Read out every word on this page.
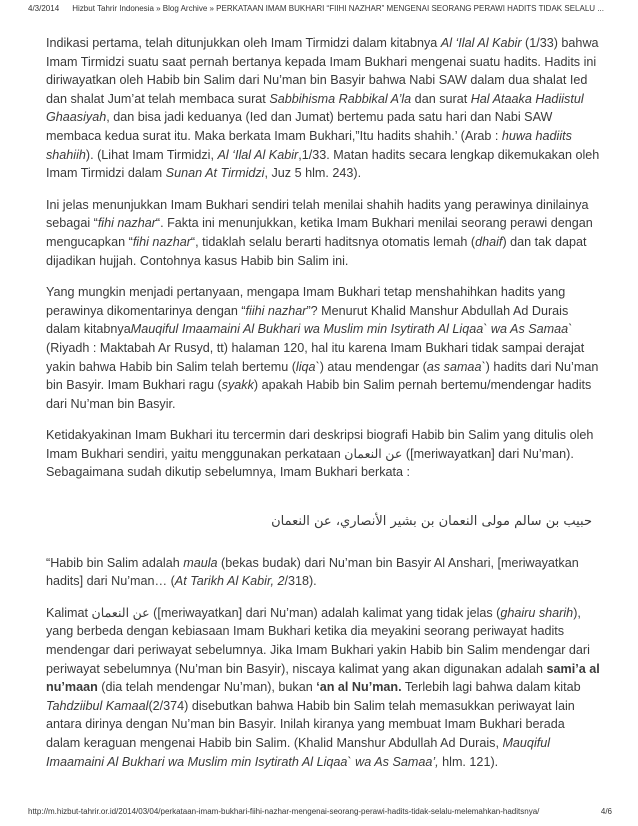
4/3/2014 Hizbut Tahrir Indonesia » Blog Archive » PERKATAAN IMAM BUKHARI “FIIHI NAZHAR” MENGENAI SEORANG PERAWI HADITS TIDAK SELALU ...

Indikasi pertama, telah ditunjukkan oleh Imam Tirmidzi dalam kitabnya Al ‘Ilal Al Kabir (1/33) bahwa Imam Tirmidzi suatu saat pernah bertanya kepada Imam Bukhari mengenai suatu hadits. Hadits ini diriwayatkan oleh Habib bin Salim dari Nu’man bin Basyir bahwa Nabi SAW dalam dua shalat Ied dan shalat Jum’at telah membaca surat Sabbihisma Rabbikal A’la dan surat Hal Ataaka Hadiistul Ghaasiyah, dan bisa jadi keduanya (Ied dan Jumat) bertemu pada satu hari dan Nabi SAW membaca kedua surat itu. Maka berkata Imam Bukhari,”Itu hadits shahih.’ (Arab : huwa hadiits shahiih). (Lihat Imam Tirmidzi, Al ‘Ilal Al Kabir,1/33. Matan hadits secara lengkap dikemukakan oleh Imam Tirmidzi dalam Sunan At Tirmidzi, Juz 5 hlm. 243).

Ini jelas menunjukkan Imam Bukhari sendiri telah menilai shahih hadits yang perawinya dinilainya sebagai “fihi nazhar“. Fakta ini menunjukkan, ketika Imam Bukhari menilai seorang perawi dengan mengucapkan “fihi nazhar“, tidaklah selalu berarti haditsnya otomatis lemah (dhaif) dan tak dapat dijadikan hujjah. Contohnya kasus Habib bin Salim ini.

Yang mungkin menjadi pertanyaan, mengapa Imam Bukhari tetap menshahihkan hadits yang perawinya dikomentarinya dengan “fiihi nazhar”? Menurut Khalid Manshur Abdullah Ad Durais dalam kitabnyaMauqiful Imaamaini Al Bukhari wa Muslim min Isytirath Al Liqaa` wa As Samaa` (Riyadh : Maktabah Ar Rusyd, tt) halaman 120, hal itu karena Imam Bukhari tidak sampai derajat yakin bahwa Habib bin Salim telah bertemu (liqa`) atau mendengar (as samaa`) hadits dari Nu’man bin Basyir. Imam Bukhari ragu (syakk) apakah Habib bin Salim pernah bertemu/mendengar hadits dari Nu’man bin Basyir.

Ketidakyakinan Imam Bukhari itu tercermin dari deskripsi biografi Habib bin Salim yang ditulis oleh Imam Bukhari sendiri, yaitu menggunakan perkataan عن النعمان ([meriwayatkan] dari Nu’man). Sebagaimana sudah dikutip sebelumnya, Imam Bukhari berkata :

حبيب بن سالم مولى النعمان بن بشير الأنصاري، عن النعمان

“Habib bin Salim adalah maula (bekas budak) dari Nu’man bin Basyir Al Anshari, [meriwayatkan hadits] dari Nu’man… (At Tarikh Al Kabir, 2/318).

Kalimat عن النعمان ([meriwayatkan] dari Nu’man) adalah kalimat yang tidak jelas (ghairu sharih), yang berbeda dengan kebiasaan Imam Bukhari ketika dia meyakini seorang periwayat hadits mendengar dari periwayat sebelumnya. Jika Imam Bukhari yakin Habib bin Salim mendengar dari periwayat sebelumnya (Nu’man bin Basyir), niscaya kalimat yang akan digunakan adalah sami’a al nu’maan (dia telah mendengar Nu’man), bukan ‘an al Nu’man. Terlebih lagi bahwa dalam kitab Tahdziibul Kamaal(2/374) disebutkan bahwa Habib bin Salim telah memasukkan periwayat lain antara dirinya dengan Nu’man bin Basyir. Inilah kiranya yang membuat Imam Bukhari berada dalam keraguan mengenai Habib bin Salim. (Khalid Manshur Abdullah Ad Durais, Mauqiful Imaamaini Al Bukhari wa Muslim min Isytirath Al Liqaa` wa As Samaa’, hlm. 121).

http://m.hizbut-tahrir.or.id/2014/03/04/perkataan-imam-bukhari-fiihi-nazhar-mengenai-seorang-perawi-hadits-tidak-selalu-melemahkan-haditsnya/	4/6
